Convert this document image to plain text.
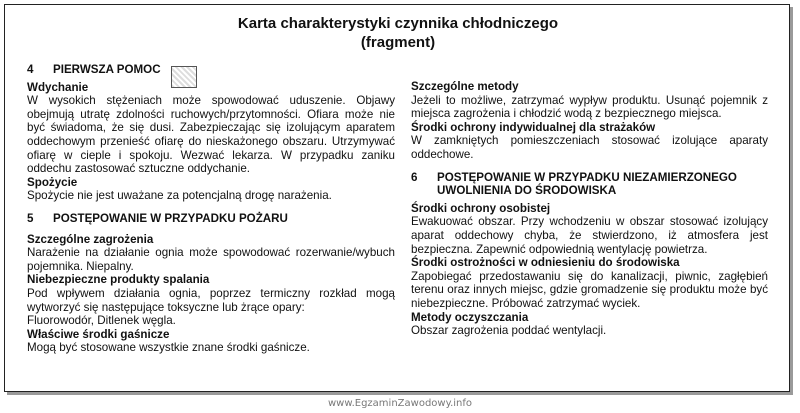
Karta charakterystyki czynnika chłodniczego
(fragment)
4	PIERWSZA POMOC
Wdychanie
W wysokich stężeniach może spowodować uduszenie. Objawy obejmują utratę zdolności ruchowych/przytomności. Ofiara może nie być świadoma, że się dusi. Zabezpieczając się izolującym aparatem oddechowym przenieść ofiarę do nieskażonego obszaru. Utrzymywać ofiarę w cieple i spokoju. Wezwać lekarza. W przypadku zaniku oddechu zastosować sztuczne oddychanie.
Spożycie
Spożycie nie jest uważane za potencjalną drogę narażenia.
5	POSTĘPOWANIE W PRZYPADKU POŻARU
Szczególne zagrożenia
Narażenie na działanie ognia może spowodować rozerwanie/wybuch pojemnika. Niepalny.
Niebezpieczne produkty spalania
Pod wpływem działania ognia, poprzez termiczny rozkład mogą wytworzyć się następujące toksyczne lub żrące opary:
Fluorowodór, Ditlenek węgla.
Właściwe środki gaśnicze
Mogą być stosowane wszystkie znane środki gaśnicze.
Szczególne metody
Jeżeli to możliwe, zatrzymać wypływ produktu. Usunąć pojemnik z miejsca zagrożenia i chłodzić wodą z bezpiecznego miejsca.
Środki ochrony indywidualnej dla strażaków
W zamkniętych pomieszczeniach stosować izolujące aparaty oddechowe.
6	POSTĘPOWANIE W PRZYPADKU NIEZAMIERZONEGO UWOLNIENIA DO ŚRODOWISKA
Środki ochrony osobistej
Ewakuować obszar. Przy wchodzeniu w obszar stosować izolujący aparat oddechowy chyba, że stwierdzono, iż atmosfera jest bezpieczna. Zapewnić odpowiednią wentylację powietrza.
Środki ostrożności w odniesieniu do środowiska
Zapobiegać przedostawaniu się do kanalizacji, piwnic, zagłębień terenu oraz innych miejsc, gdzie gromadzenie się produktu może być niebezpieczne. Próbować zatrzymać wyciek.
Metody oczyszczania
Obszar zagrożenia poddać wentylacji.
www.EgzaminZawodowy.info
